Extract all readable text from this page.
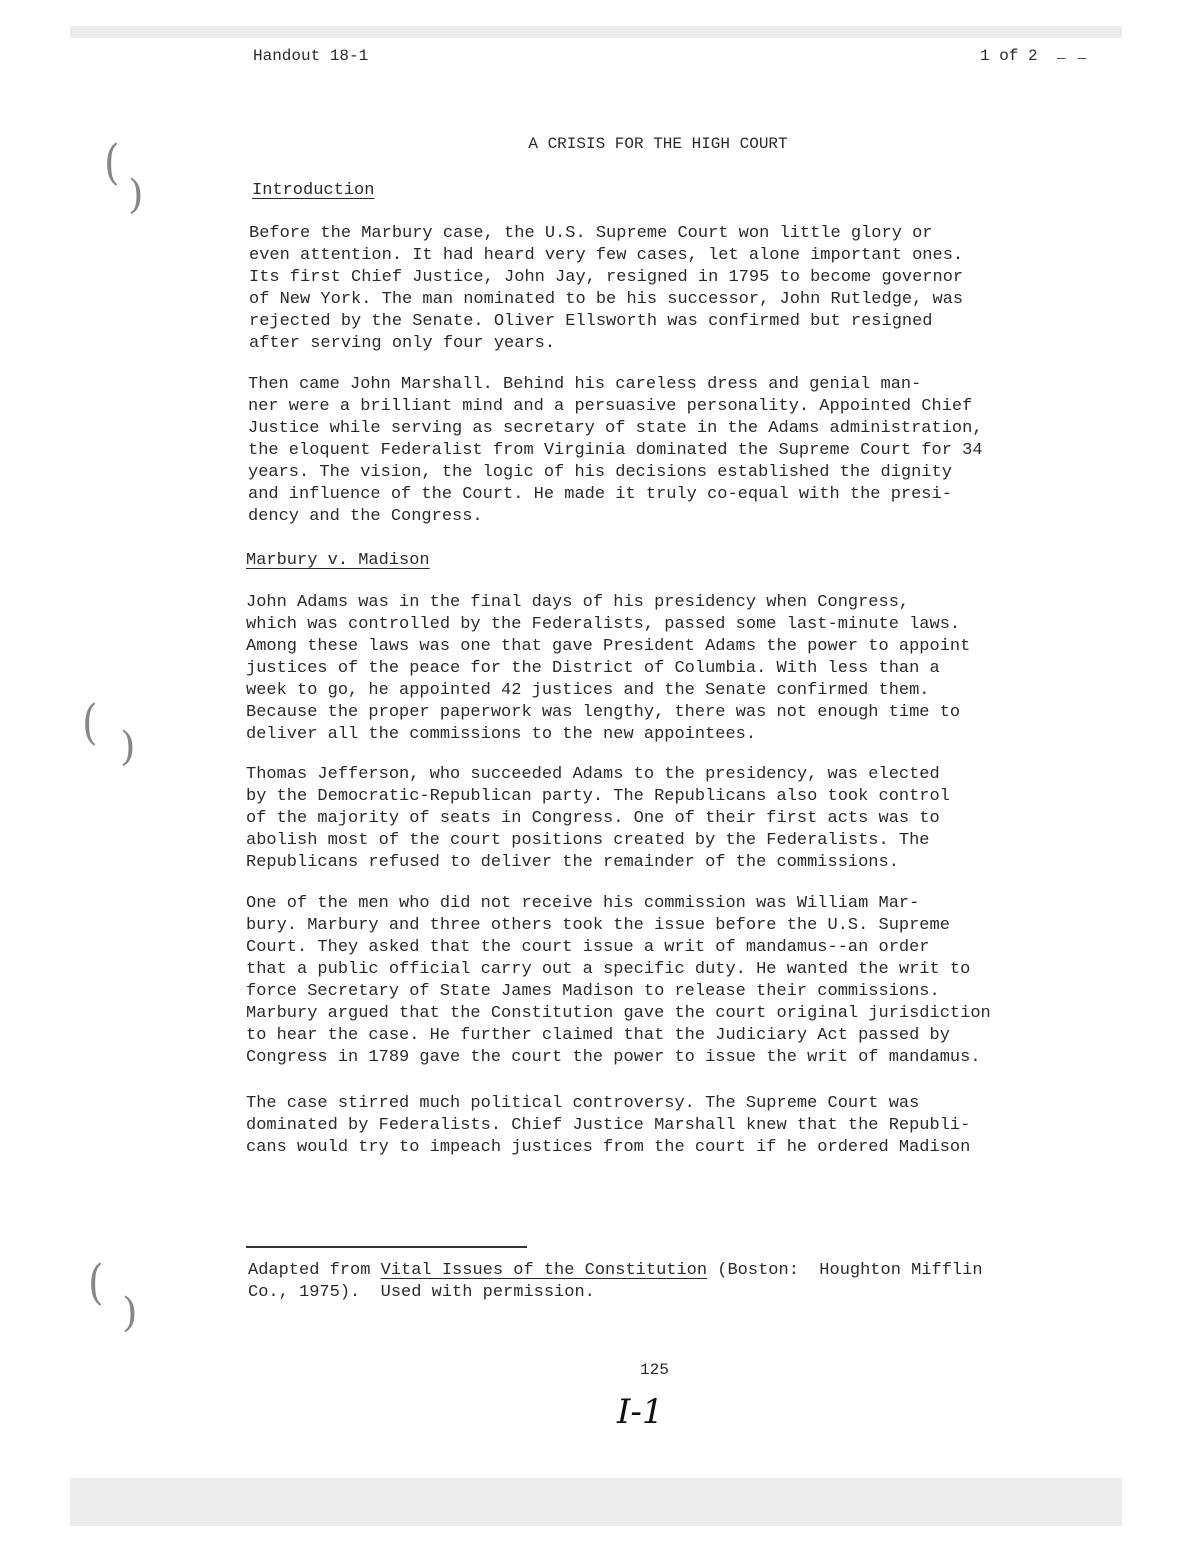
(
)
( )
(
)
Handout 18-1	1 of 2 — —
A CRISIS FOR THE HIGH COURT
Introduction
Before the Marbury case, the U.S. Supreme Court won little glory or
even attention. It had heard very few cases, let alone important ones.
Its first Chief Justice, John Jay, resigned in 1795 to become governor
of New York. The man nominated to be his successor, John Rutledge, was
rejected by the Senate. Oliver Ellsworth was confirmed but resigned
after serving only four years.
Then came John Marshall. Behind his careless dress and genial man-
ner were a brilliant mind and a persuasive personality. Appointed Chief
Justice while serving as secretary of state in the Adams administration,
the eloquent Federalist from Virginia dominated the Supreme Court for 34
years. The vision, the logic of his decisions established the dignity
and influence of the Court. He made it truly co-equal with the presi-
dency and the Congress.
Marbury v. Madison
John Adams was in the final days of his presidency when Congress,
which was controlled by the Federalists, passed some last-minute laws.
Among these laws was one that gave President Adams the power to appoint
justices of the peace for the District of Columbia. With less than a
week to go, he appointed 42 justices and the Senate confirmed them.
Because the proper paperwork was lengthy, there was not enough time to
deliver all the commissions to the new appointees.
Thomas Jefferson, who succeeded Adams to the presidency, was elected
by the Democratic-Republican party. The Republicans also took control
of the majority of seats in Congress. One of their first acts was to
abolish most of the court positions created by the Federalists. The
Republicans refused to deliver the remainder of the commissions.
One of the men who did not receive his commission was William Mar-
bury. Marbury and three others took the issue before the U.S. Supreme
Court. They asked that the court issue a writ of mandamus--an order
that a public official carry out a specific duty. He wanted the writ to
force Secretary of State James Madison to release their commissions.
Marbury argued that the Constitution gave the court original jurisdiction
to hear the case. He further claimed that the Judiciary Act passed by
Congress in 1789 gave the court the power to issue the writ of mandamus.
The case stirred much political controversy. The Supreme Court was
dominated by Federalists. Chief Justice Marshall knew that the Republi-
cans would try to impeach justices from the court if he ordered Madison
Adapted from Vital Issues of the Constitution (Boston:  Houghton Mifflin
Co., 1975).  Used with permission.
125
I-1
